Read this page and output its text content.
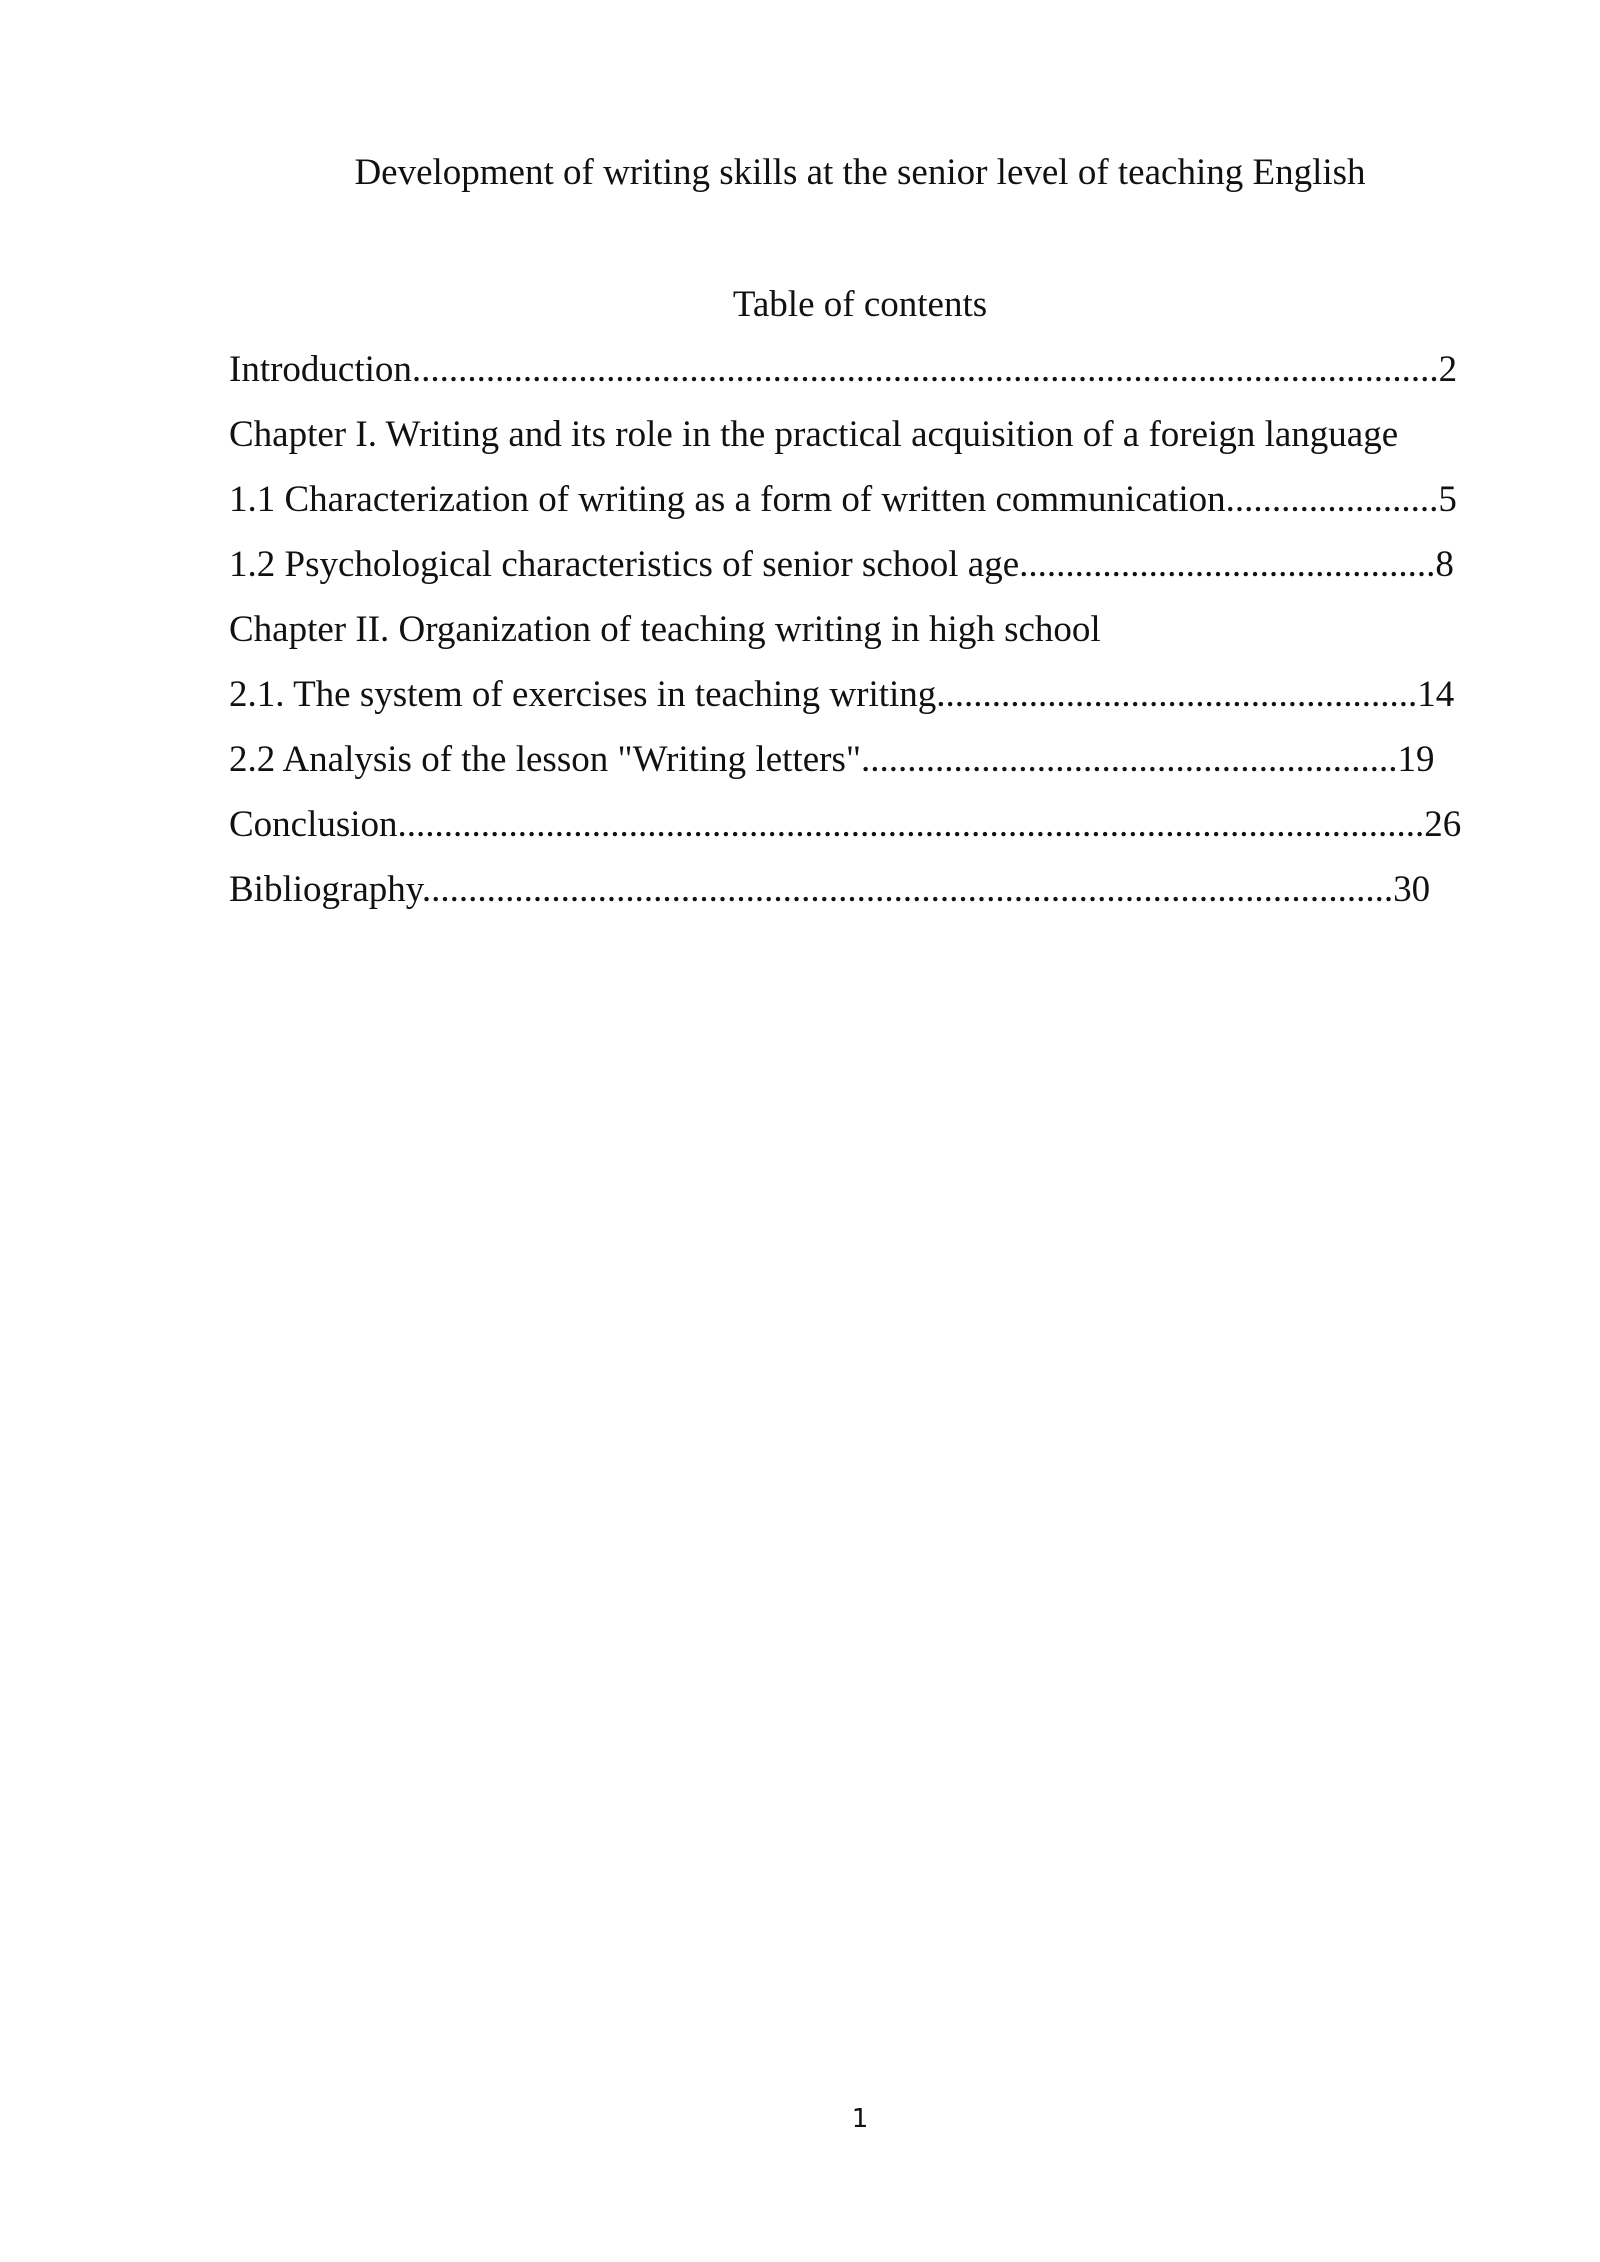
Development of writing skills at the senior level of teaching English
Table of contents
Introduction...............................................................................................................2
Chapter I. Writing and its role in the practical acquisition of a foreign language
1.1 Characterization of writing as a form of written communication.......................5
1.2 Psychological characteristics of senior school age.............................................8
Chapter II. Organization of teaching writing in high school
2.1. The system of exercises in teaching writing....................................................14
2.2 Analysis of the lesson "Writing letters"..........................................................19
Conclusion...............................................................................................................26
Bibliography.........................................................................................................30
1
